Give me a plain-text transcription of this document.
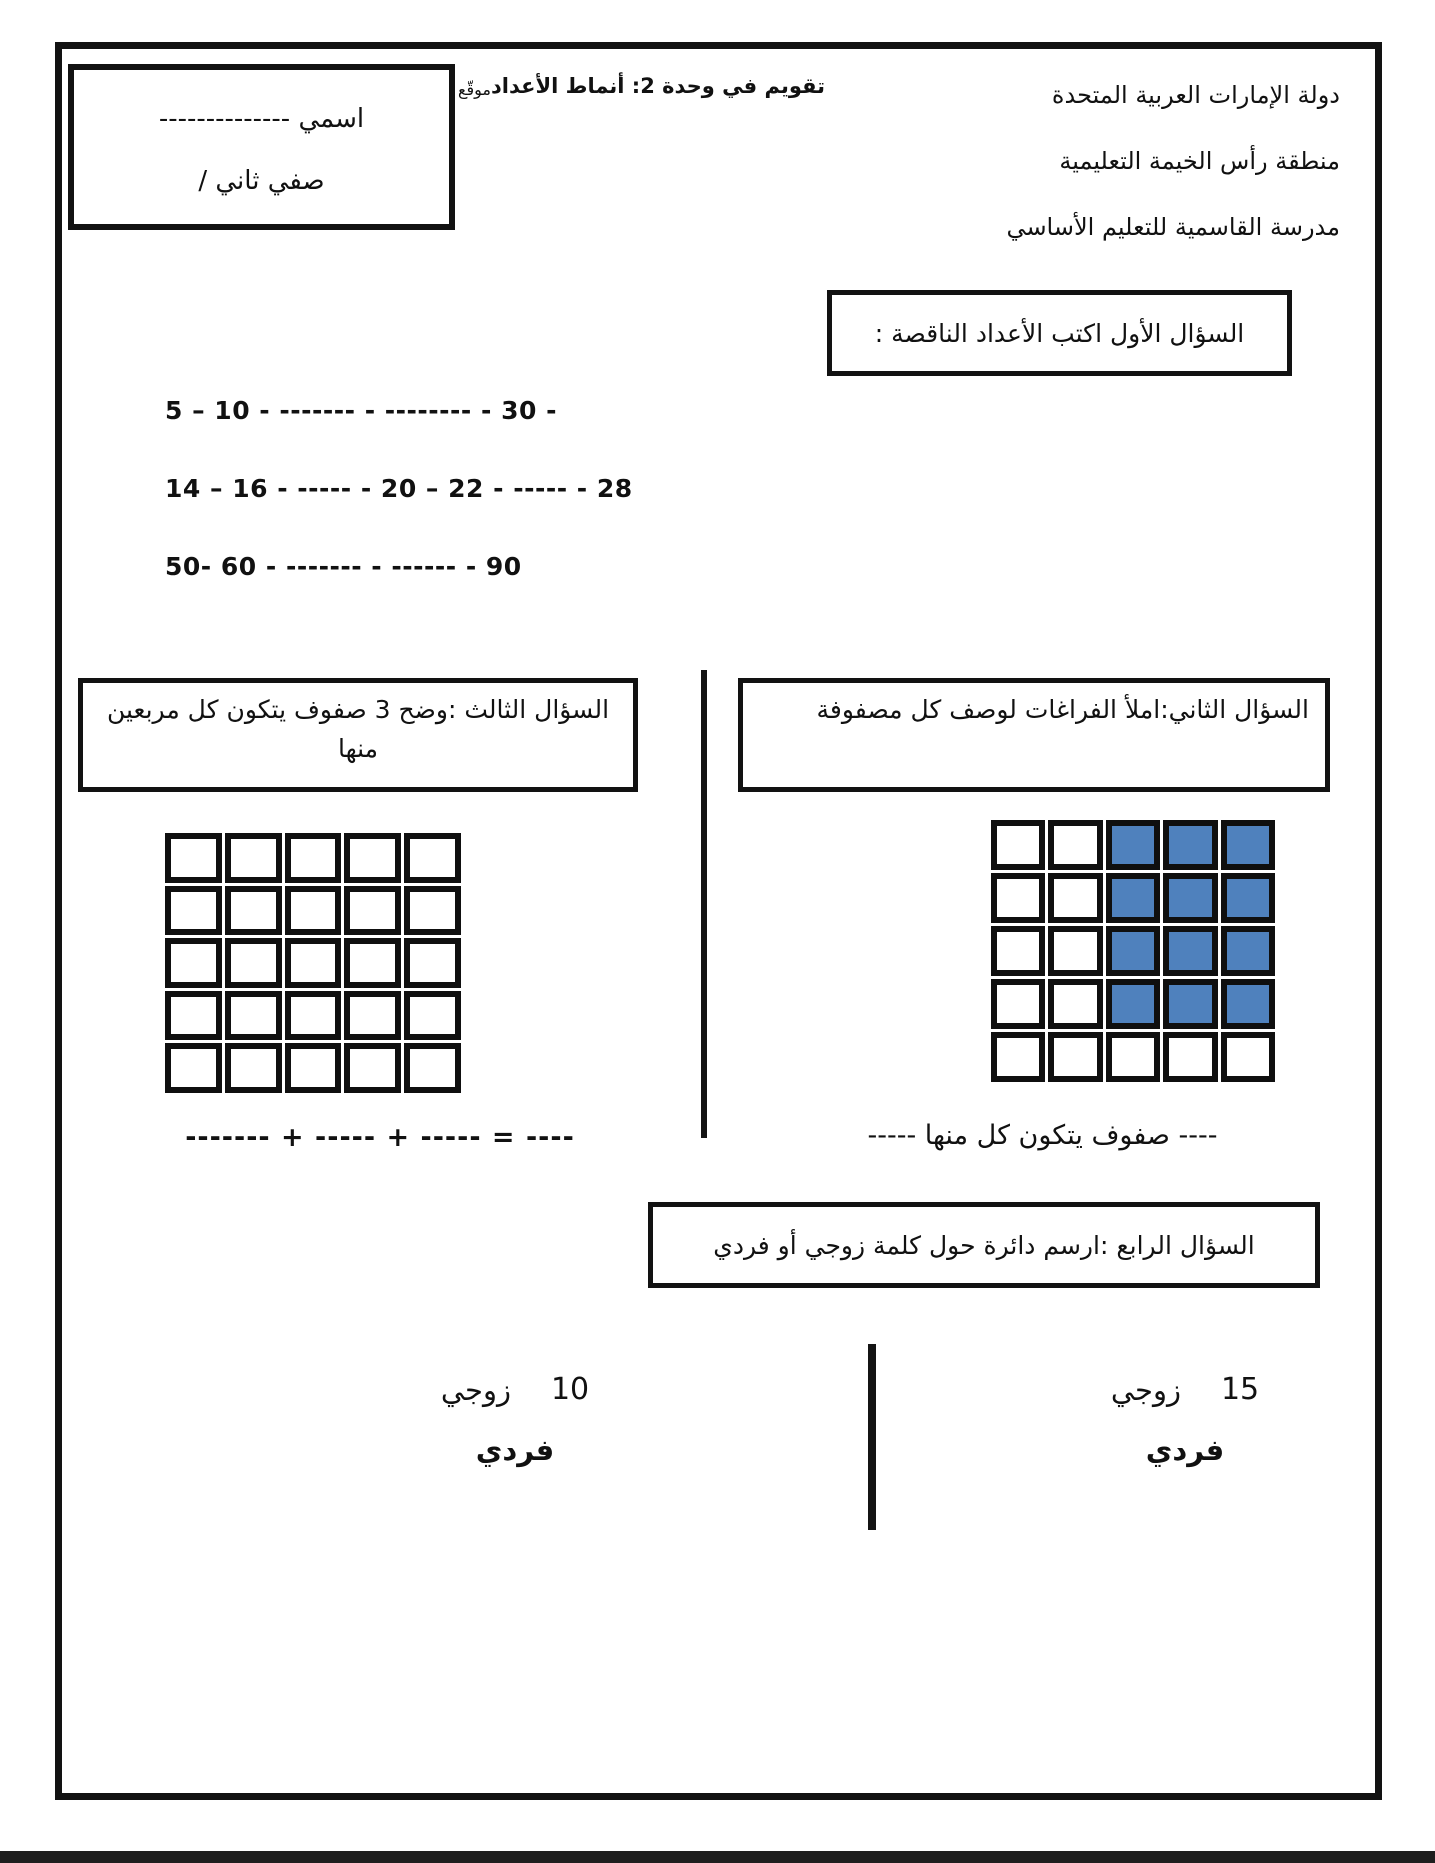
اسمي --------------
صفي ثاني /
موقّع تقويم في وحدة 2: أنماط الأعداد	دولة الإمارات العربية المتحدة
منطقة رأس الخيمة التعليمية
مدرسة القاسمية للتعليم الأساسي
السؤال الأول اكتب الأعداد الناقصة :
5 – 10 - ------- - -------- - 30 -
14 – 16 - ----- - 20 – 22 - ----- - 28
50- 60 - ------- - ------ - 90
السؤال الثالث :وضح 3 صفوف يتكون كل مربعين منها
------- + ----- + ----- = ----
السؤال الثاني:املأ الفراغات لوصف كل مصفوفة
---- صفوف يتكون كل منها -----
السؤال الرابع :ارسم دائرة حول كلمة زوجي أو فردي
10
زوجي
فردي
15
زوجي
فردي
